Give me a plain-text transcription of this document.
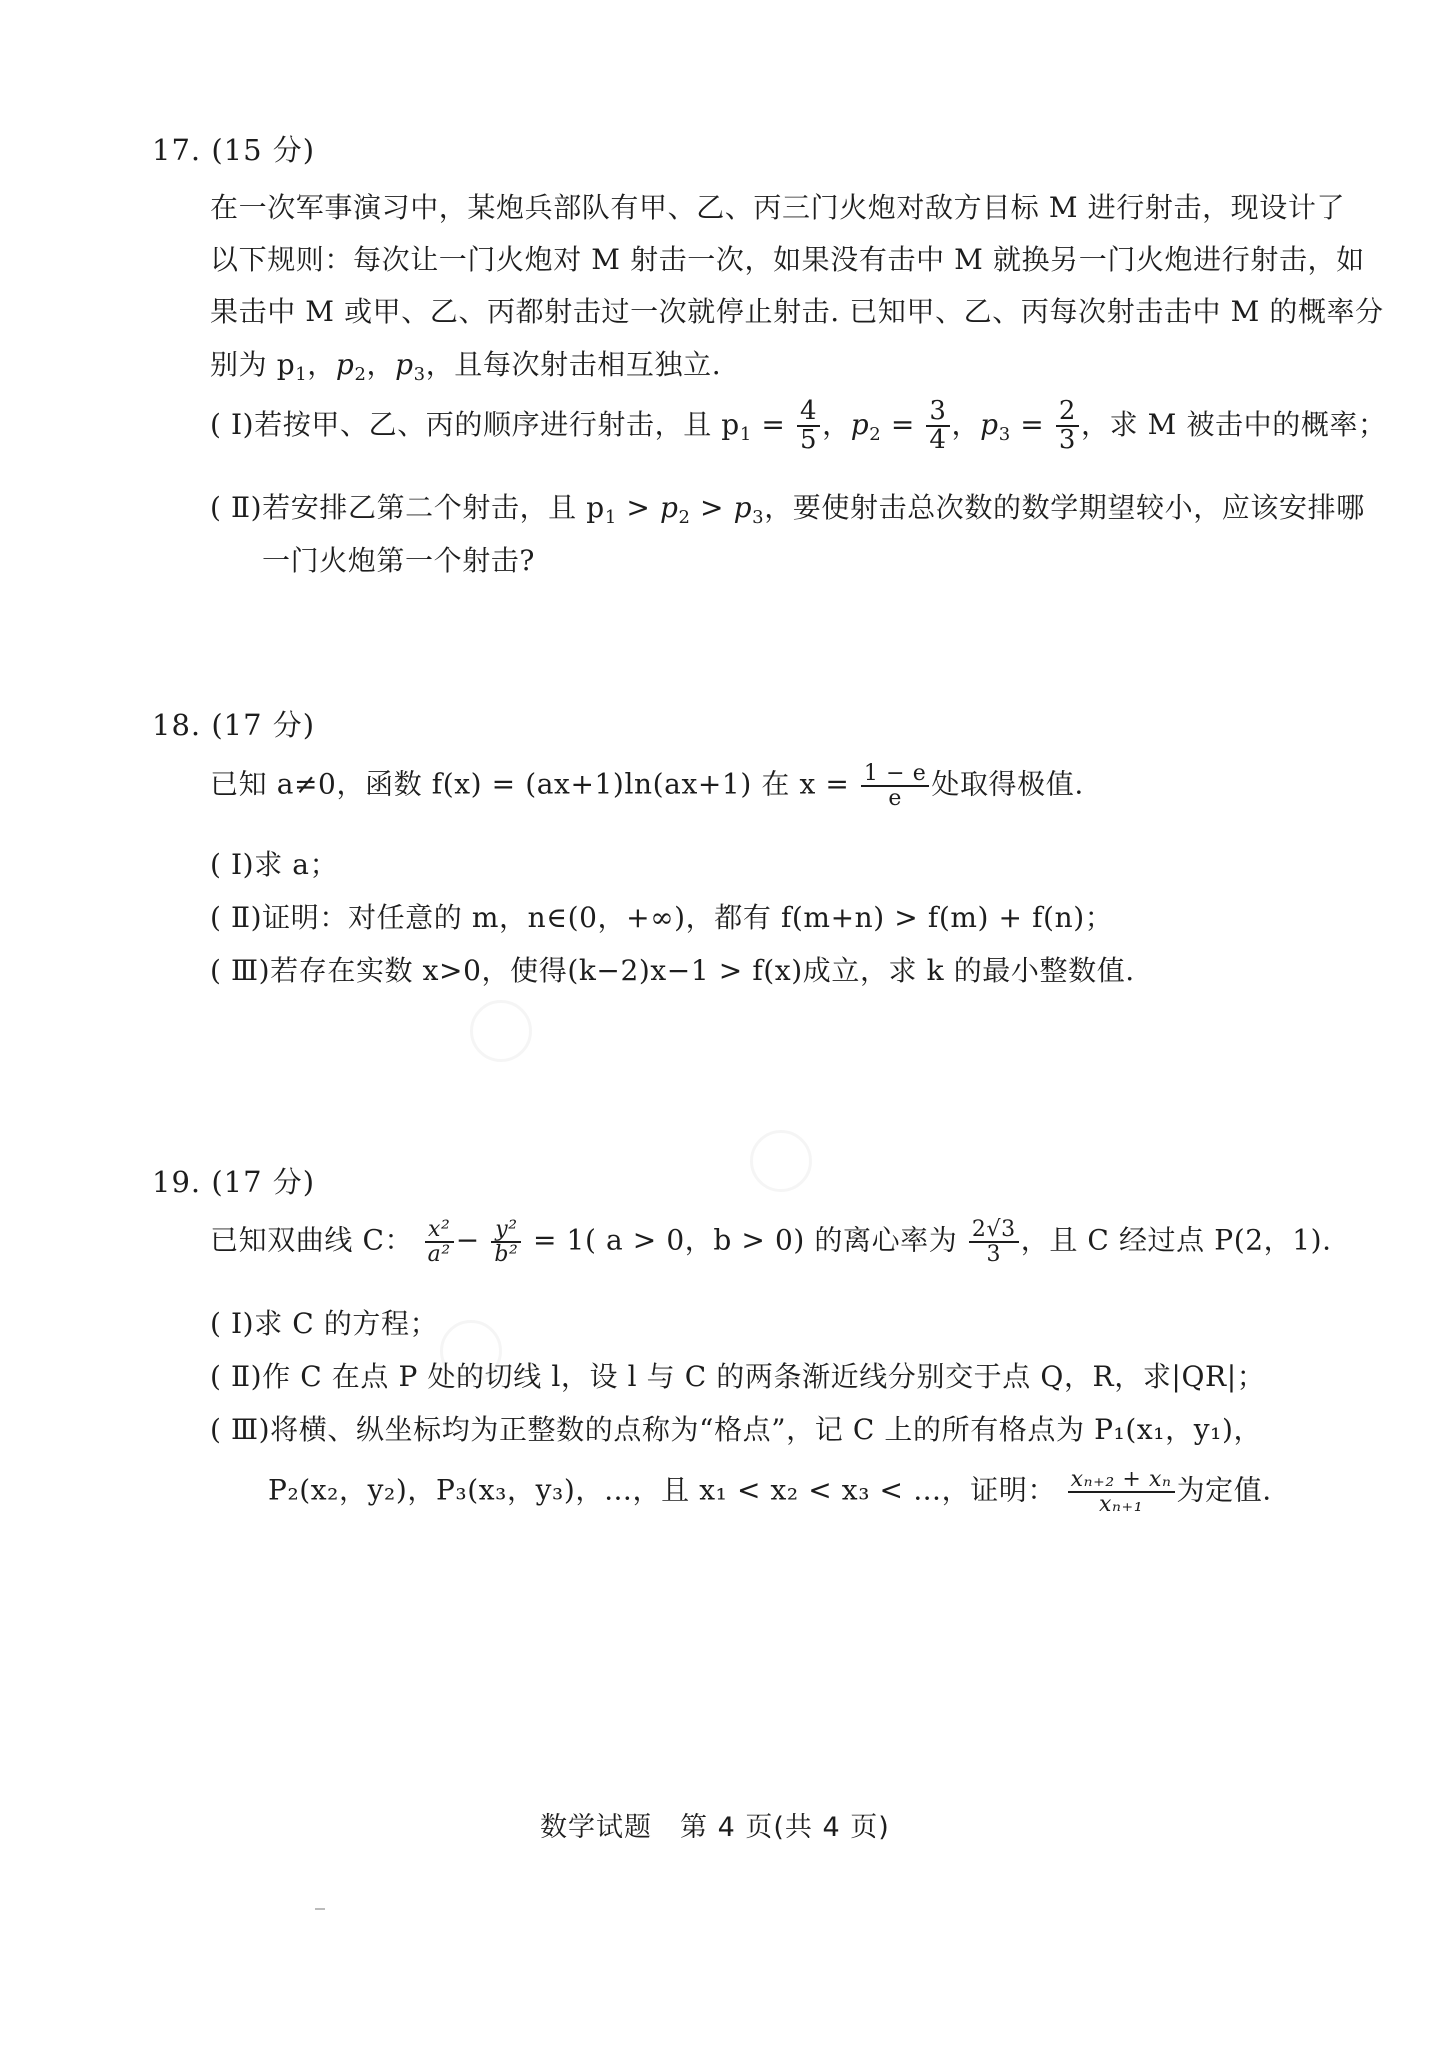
17. (15 分)
在一次军事演习中，某炮兵部队有甲、乙、丙三门火炮对敌方目标 M 进行射击，现设计了
以下规则：每次让一门火炮对 M 射击一次，如果没有击中 M 就换另一门火炮进行射击，如
果击中 M 或甲、乙、丙都射击过一次就停止射击. 已知甲、乙、丙每次射击击中 M 的概率分
别为 $p_1$，$p_2$，$p_3$，且每次射击相互独立.
( Ⅰ)若按甲、乙、丙的顺序进行射击，且 $p_1 = \frac{4}{5}$ ，$p_2 = \frac{3}{4}$ ，$p_3 = \frac{2}{3}$ ，求 M 被击中的概率；
( Ⅱ)若安排乙第二个射击，且 $p_1 > p_2 > p_3$，要使射击总次数的数学期望较小，应该安排哪
一门火炮第一个射击?
18. (17 分)
已知 a≠0，函数 f(x) = (ax+1)ln(ax+1) 在 $x = \frac{1 - e}{e}$ 处取得极值.
( Ⅰ)求 a；
( Ⅱ)证明：对任意的 m，n∈(0，+∞)，都有 f(m+n) > f(m) + f(n)；
( Ⅲ)若存在实数 x>0，使得(k−2)x−1 > f(x)成立，求 k 的最小整数值.
19. (17 分)
已知双曲线 C： $\frac{\text{x²}}{\text{a²}} - \frac{\text{y²}}{\text{b²}} = 1$( a > 0，b > 0) 的离心率为 $\frac{2√3}{3}$ ，且 C 经过点 P(2，1).
( Ⅰ)求 C 的方程；
( Ⅱ)作 C 在点 P 处的切线 l，设 l 与 C 的两条渐近线分别交于点 Q，R，求|QR|；
( Ⅲ)将横、纵坐标均为正整数的点称为“格点”，记 C 上的所有格点为 P₁(x₁，y₁)，
P₂(x₂，y₂)，P₃(x₃，y₃)，…，且 x₁ < x₂ < x₃ < …，证明： $\frac{\text{xₙ₊₂ + xₙ}}{\text{xₙ₊₁}}$ 为定值.
数学试题　第 4 页(共 4 页)
